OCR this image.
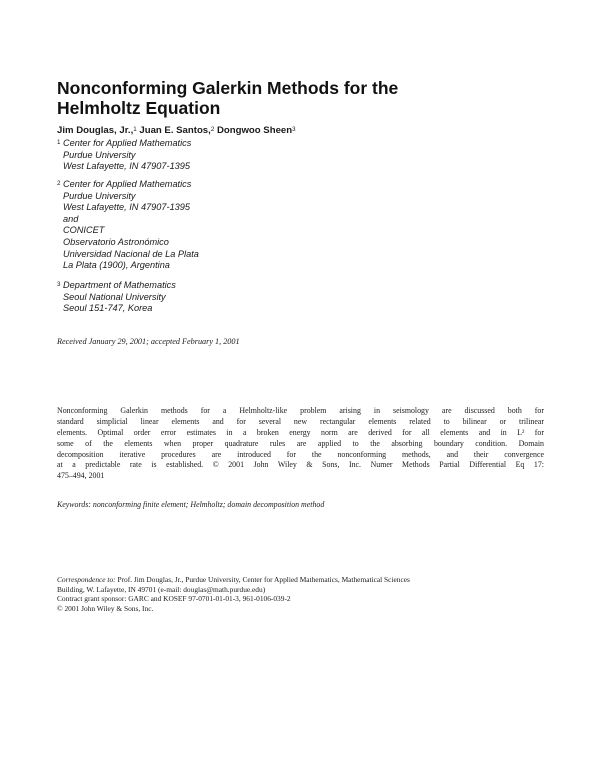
Nonconforming Galerkin Methods for the
Helmholtz Equation
Jim Douglas, Jr.,$^1$ Juan E. Santos,$^2$ Dongwoo Sheen$^3$
1 Center for Applied Mathematics
Purdue University
West Lafayette, IN 47907-1395
2 Center for Applied Mathematics
Purdue University
West Lafayette, IN 47907-1395
and
CONICET
Observatorio Astronómico
Universidad Nacional de La Plata
La Plata (1900), Argentina
3 Department of Mathematics
Seoul National University
Seoul 151-747, Korea
Received January 29, 2001; accepted February 1, 2001
Nonconforming Galerkin methods for a Helmholtz-like problem arising in seismology are discussed both for
standard simplicial linear elements and for several new rectangular elements related to bilinear or trilinear
elements. Optimal order error estimates in a broken energy norm are derived for all elements and in L² for
some of the elements when proper quadrature rules are applied to the absorbing boundary condition. Domain
decomposition iterative procedures are introduced for the nonconforming methods, and their convergence
at a predictable rate is established. © 2001 John Wiley & Sons, Inc. Numer Methods Partial Differential Eq 17:
475–494, 2001
Keywords: nonconforming finite element; Helmholtz; domain decomposition method
Correspondence to: Prof. Jim Douglas, Jr., Purdue University, Center for Applied Mathematics, Mathematical Sciences
Building, W. Lafayette, IN 49701 (e-mail: douglas@math.purdue.edu)
Contract grant sponsor: GARC and KOSEF 97-0701-01-01-3, 961-0106-039-2
© 2001 John Wiley & Sons, Inc.
